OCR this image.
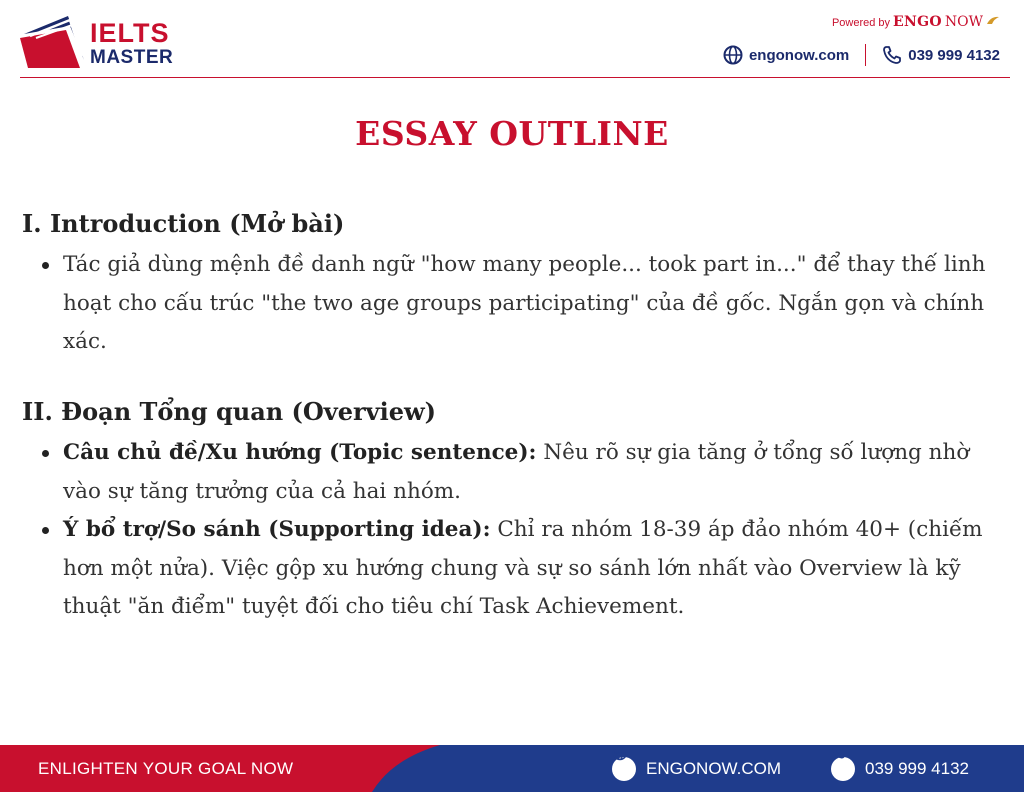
IELTS
MASTER
Powered by ENGO NOW
engonow.com	039 999 4132
ESSAY OUTLINE
I. Introduction (Mở bài)
Tác giả dùng mệnh đề danh ngữ "how many people... took part in..." để thay thế linh hoạt cho cấu trúc "the two age groups participating" của đề gốc. Ngắn gọn và chính xác.
II. Đoạn Tổng quan (Overview)
Câu chủ đề/Xu hướng (Topic sentence): Nêu rõ sự gia tăng ở tổng số lượng nhờ vào sự tăng trưởng của cả hai nhóm.
Ý bổ trợ/So sánh (Supporting idea): Chỉ ra nhóm 18-39 áp đảo nhóm 40+ (chiếm hơn một nửa). Việc gộp xu hướng chung và sự so sánh lớn nhất vào Overview là kỹ thuật "ăn điểm" tuyệt đối cho tiêu chí Task Achievement.
ENLIGHTEN YOUR GOAL NOW	ENGONOW.COM	039 999 4132
